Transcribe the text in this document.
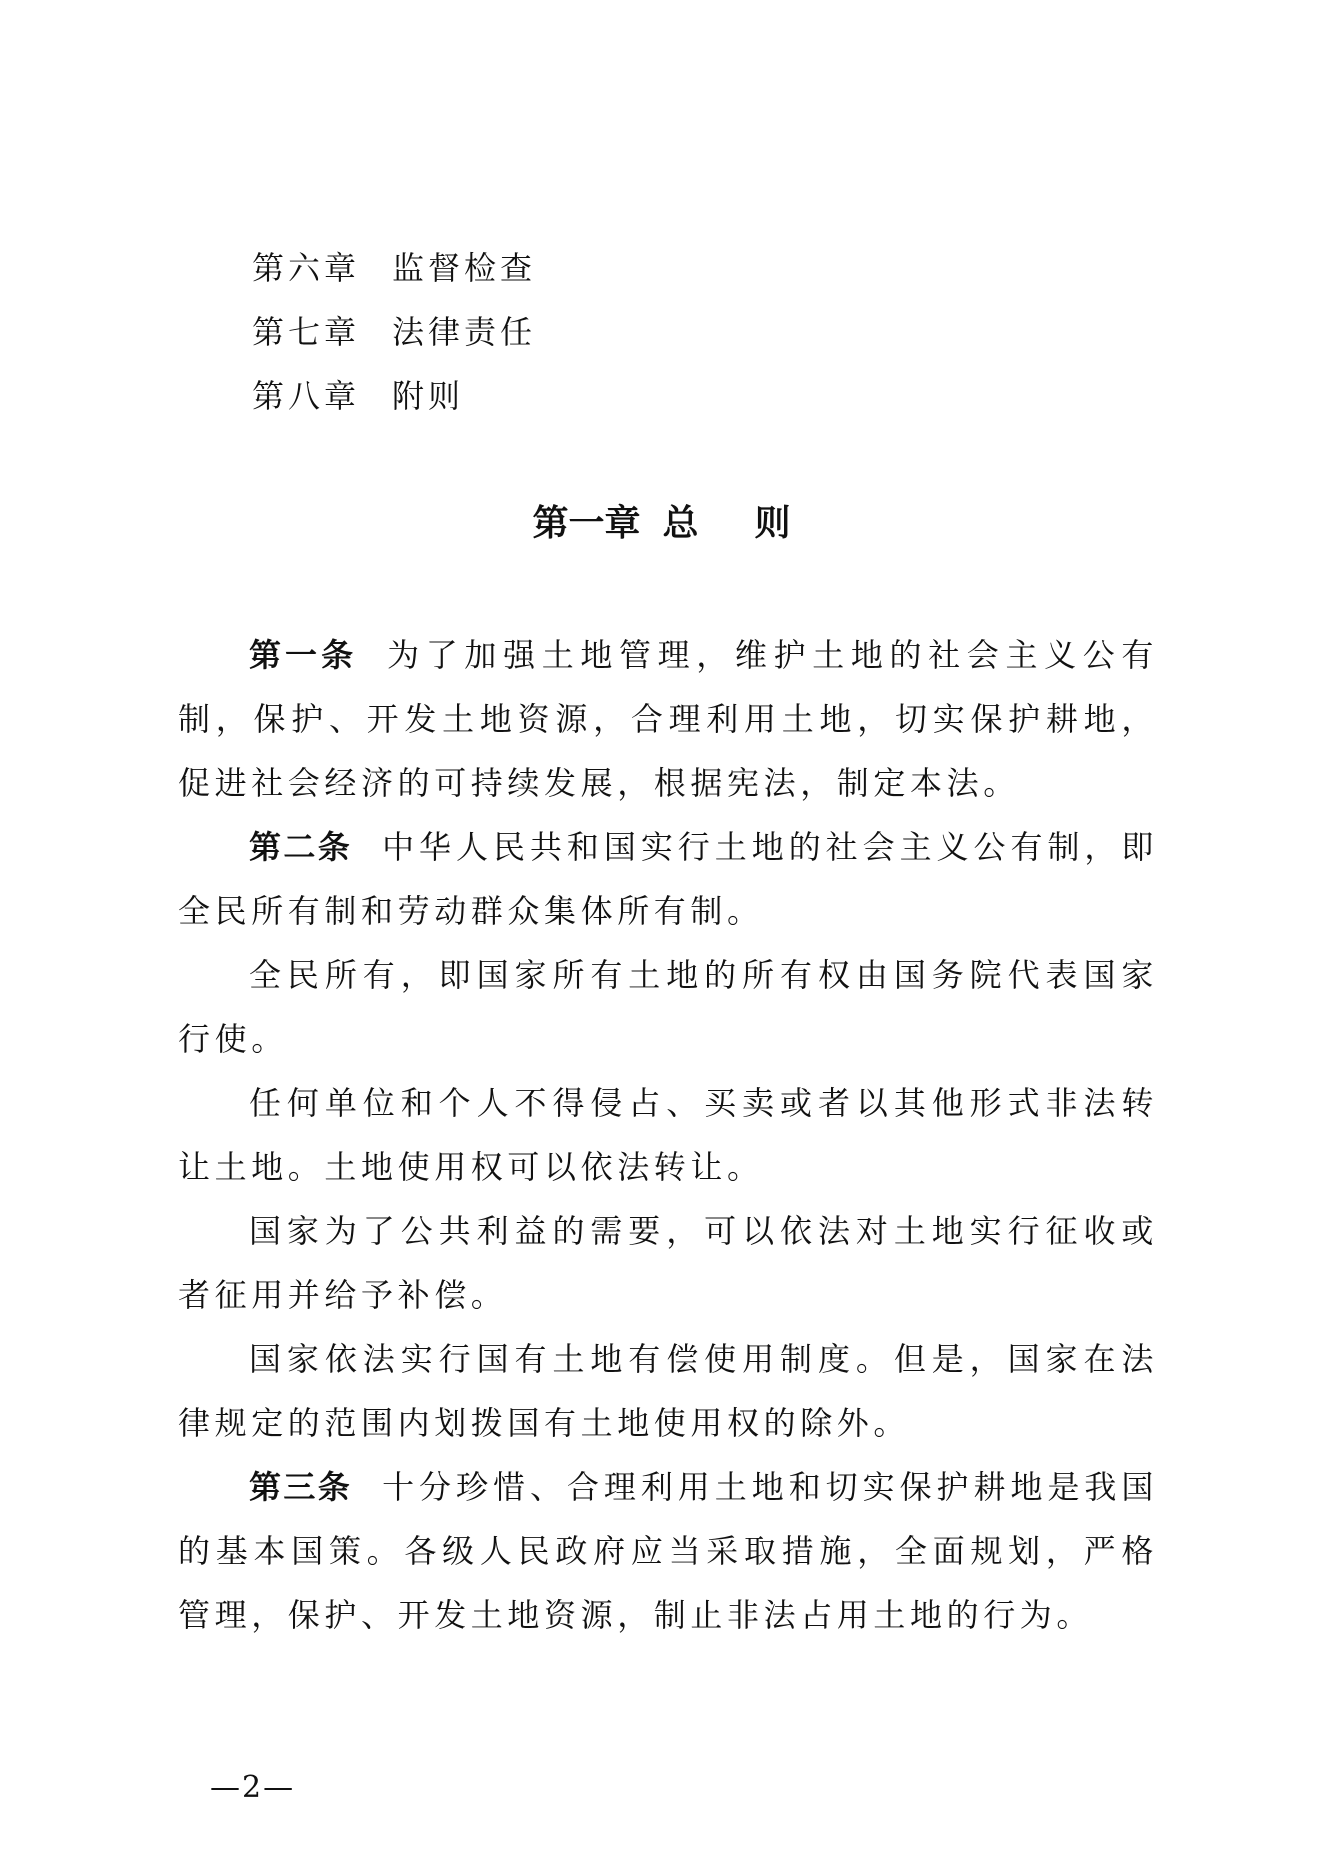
第六章 监督检查
第七章 法律责任
第八章 附则
第一章 总 则

第一条 为了加强土地管理，维护土地的社会主义公有制，保护、开发土地资源，合理利用土地，切实保护耕地，促进社会经济的可持续发展，根据宪法，制定本法。

第二条 中华人民共和国实行土地的社会主义公有制，即全民所有制和劳动群众集体所有制。

全民所有，即国家所有土地的所有权由国务院代表国家行使。

任何单位和个人不得侵占、买卖或者以其他形式非法转让土地。土地使用权可以依法转让。

国家为了公共利益的需要，可以依法对土地实行征收或者征用并给予补偿。

国家依法实行国有土地有偿使用制度。但是，国家在法律规定的范围内划拨国有土地使用权的除外。

第三条 十分珍惜、合理利用土地和切实保护耕地是我国的基本国策。各级人民政府应当采取措施，全面规划，严格管理，保护、开发土地资源，制止非法占用土地的行为。

—2—
